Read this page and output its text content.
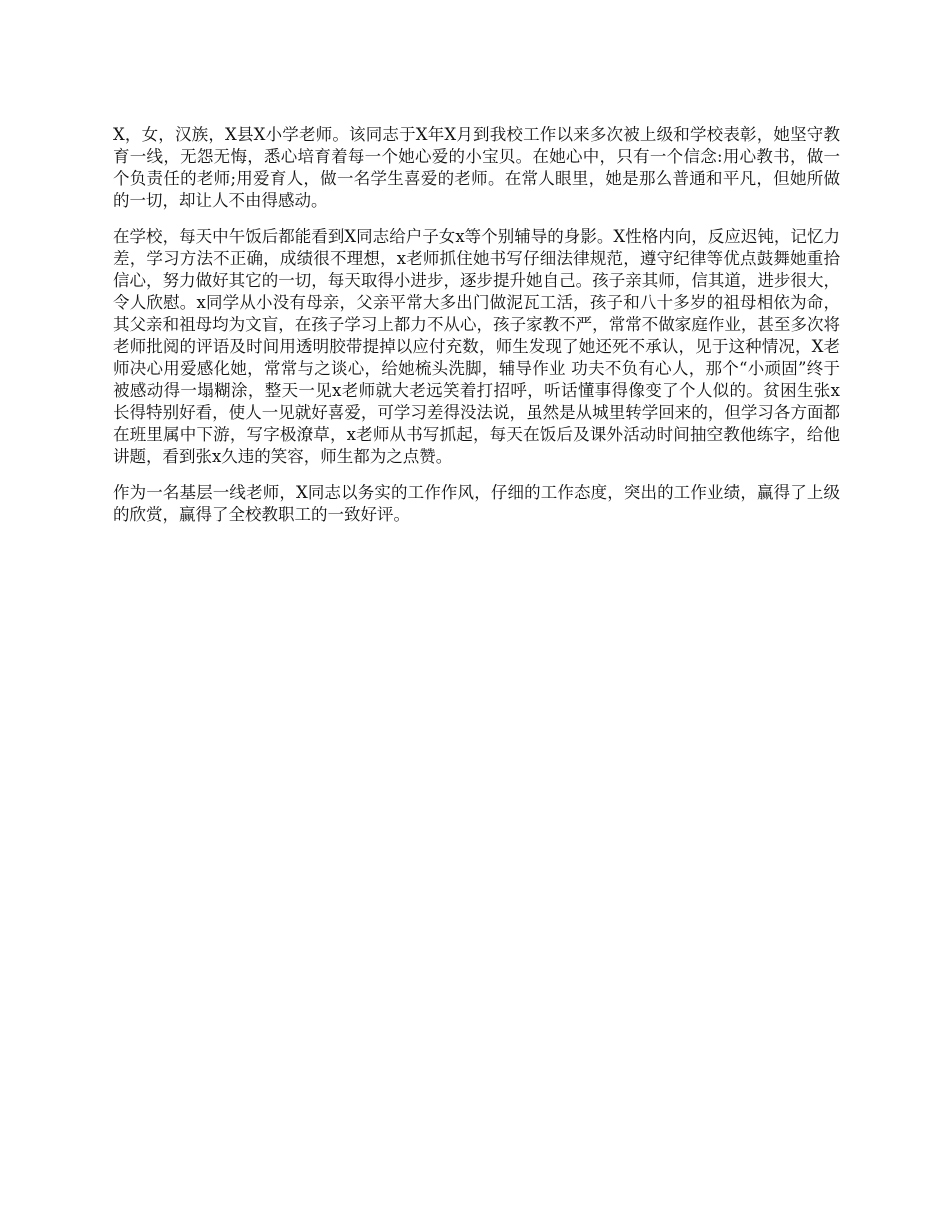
X，女，汉族，X县X小学老师。该同志于X年X月到我校工作以来多次被上级和学校表彰，她坚守教育一线，无怨无悔，悉心培育着每一个她心爱的小宝贝。在她心中，只有一个信念:用心教书，做一个负责任的老师;用爱育人，做一名学生喜爱的老师。在常人眼里，她是那么普通和平凡，但她所做的一切，却让人不由得感动。

在学校，每天中午饭后都能看到X同志给户子女x等个别辅导的身影。X性格内向，反应迟钝，记忆力差，学习方法不正确，成绩很不理想，x老师抓住她书写仔细法律规范，遵守纪律等优点鼓舞她重拾信心，努力做好其它的一切，每天取得小进步，逐步提升她自己。孩子亲其师，信其道，进步很大，令人欣慰。x同学从小没有母亲，父亲平常大多出门做泥瓦工活，孩子和八十多岁的祖母相依为命，其父亲和祖母均为文盲，在孩子学习上都力不从心，孩子家教不严，常常不做家庭作业，甚至多次将老师批阅的评语及时间用透明胶带提掉以应付充数，师生发现了她还死不承认，见于这种情况，X老师决心用爱感化她，常常与之谈心，给她梳头洗脚，辅导作业 功夫不负有心人，那个“小顽固”终于被感动得一塌糊涂，整天一见x老师就大老远笑着打招呼，听话懂事得像变了个人似的。贫困生张x长得特别好看，使人一见就好喜爱，可学习差得没法说，虽然是从城里转学回来的，但学习各方面都在班里属中下游，写字极潦草，x老师从书写抓起，每天在饭后及课外活动时间抽空教他练字，给他讲题，看到张x久违的笑容，师生都为之点赞。

作为一名基层一线老师，X同志以务实的工作作风，仔细的工作态度，突出的工作业绩，赢得了上级的欣赏，赢得了全校教职工的一致好评。
